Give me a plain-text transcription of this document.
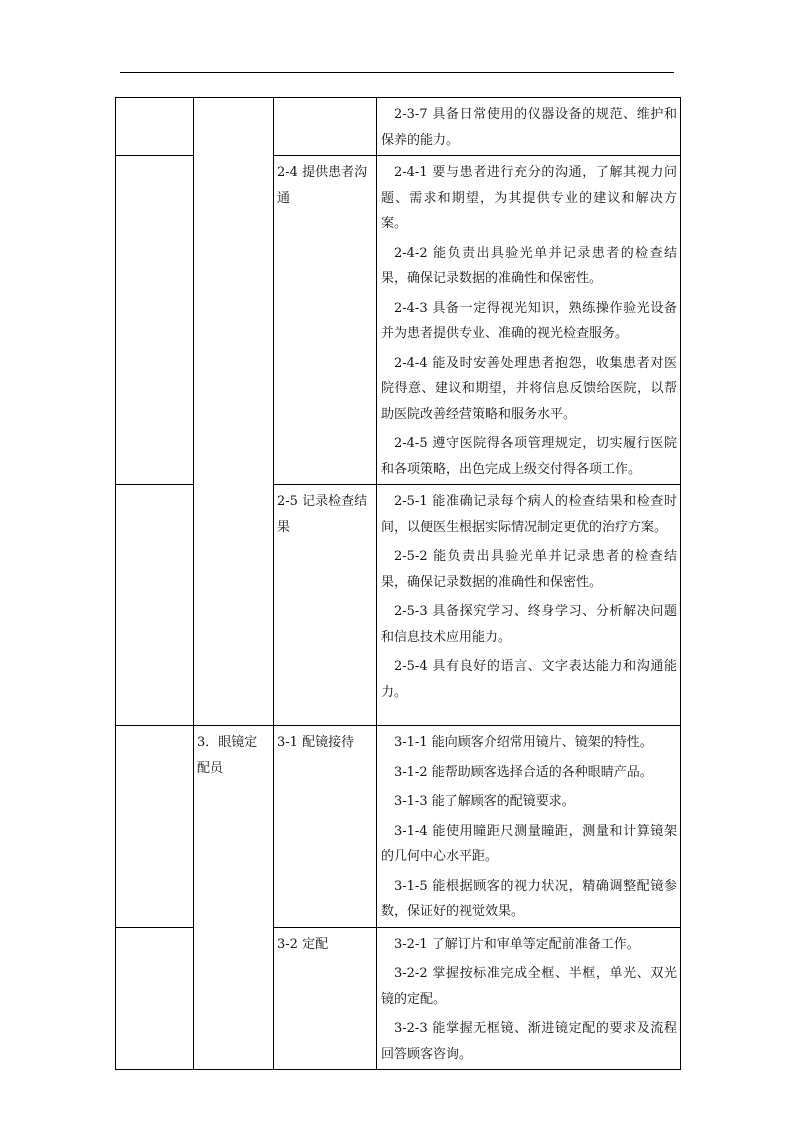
			2-3-7 具备日常使用的仪器设备的规范、维护和保养的能力。

		2-4 提供患者沟通	2-4-1 要与患者进行充分的沟通，了解其视力问题、需求和期望，为其提供专业的建议和解决方案。
2-4-2 能负责出具验光单并记录患者的检查结果，确保记录数据的准确性和保密性。
2-4-3 具备一定得视光知识，熟练操作验光设备并为患者提供专业、准确的视光检查服务。
2-4-4 能及时安善处理患者抱怨，收集患者对医院得意、建议和期望，并将信息反馈给医院，以帮助医院改善经营策略和服务水平。
2-4-5 遵守医院得各项管理规定，切实履行医院和各项策略，出色完成上级交付得各项工作。

		2-5 记录检查结果	2-5-1 能准确记录每个病人的检查结果和检查时间，以便医生根据实际情况制定更优的治疗方案。
2-5-2 能负责出具验光单并记录患者的检查结果，确保记录数据的准确性和保密性。
2-5-3 具备探究学习、终身学习、分析解决问题和信息技术应用能力。
2-5-4 具有良好的语言、文字表达能力和沟通能力。

	3．眼镜定配员	3-1 配镜接待	3-1-1 能向顾客介绍常用镜片、镜架的特性。
3-1-2 能帮助顾客选择合适的各种眼睛产品。
3-1-3 能了解顾客的配镜要求。
3-1-4 能使用瞳距尺测量瞳距，测量和计算镜架的几何中心水平距。
3-1-5 能根据顾客的视力状况，精确调整配镜参数，保证好的视觉效果。

		3-2 定配	3-2-1 了解订片和审单等定配前准备工作。
3-2-2 掌握按标准完成全框、半框，单光、双光镜的定配。
3-2-3 能掌握无框镜、渐进镜定配的要求及流程回答顾客咨询。
